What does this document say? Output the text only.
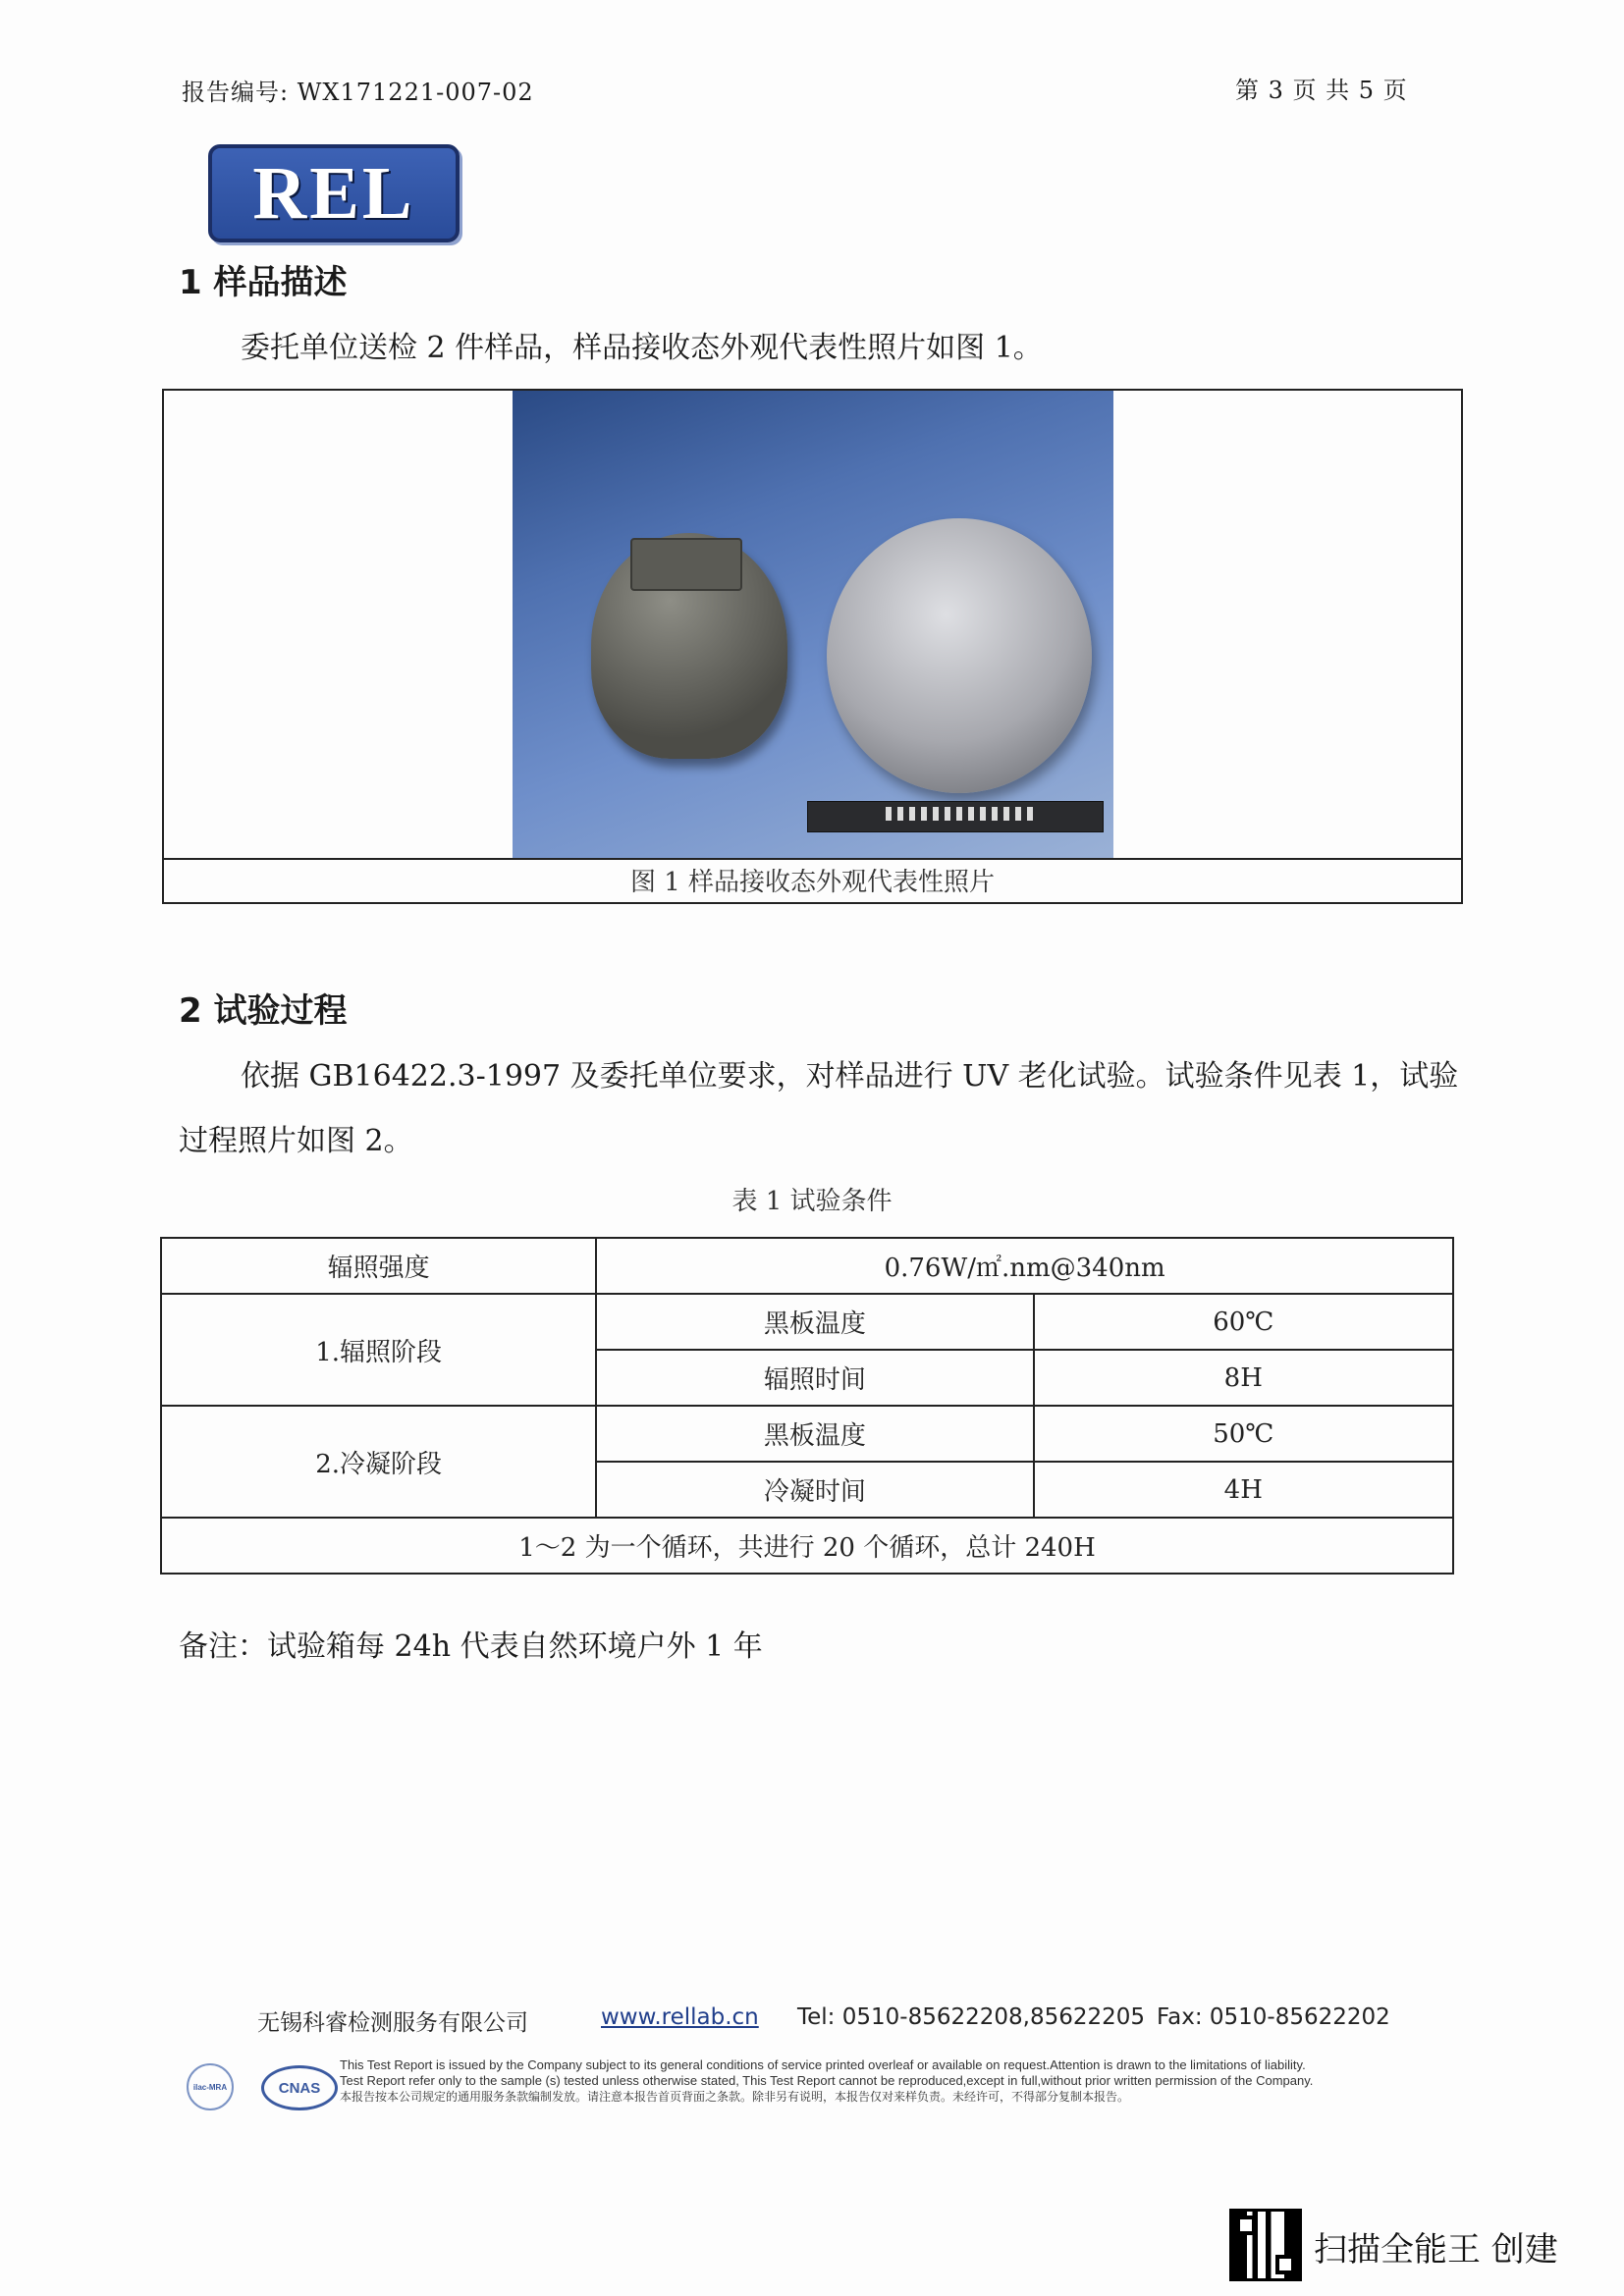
报告编号: WX171221-007-02	第 3 页 共 5 页
REL
1 样品描述
委托单位送检 2 件样品，样品接收态外观代表性照片如图 1。
图 1 样品接收态外观代表性照片
2 试验过程
依据 GB16422.3-1997 及委托单位要求，对样品进行 UV 老化试验。试验条件见表 1，试验
过程照片如图 2。
表 1 试验条件
辐照强度	0.76W/㎡.nm@340nm	
1.辐照阶段	黑板温度	60℃
	辐照时间	8H
2.冷凝阶段	黑板温度	50℃
	冷凝时间	4H
1～2 为一个循环，共进行 20 个循环，总计 240H		
备注：试验箱每 24h 代表自然环境户外 1 年
无锡科睿检测服务有限公司	www.rellab.cn Tel: 0510-85622208,85622205 Fax: 0510-85622202
ilac-MRA	CNAS
This Test Report is issued by the Company subject to its general conditions of service printed overleaf or available on request.Attention is drawn to the limitations of liability.
Test Report refer only to the sample (s) tested unless otherwise stated, This Test Report cannot be reproduced,except in full,without prior written permission of the Company.
本报告按本公司规定的通用服务条款编制发放。请注意本报告首页背面之条款。除非另有说明，本报告仅对来样负责。未经许可，不得部分复制本报告。
扫描全能王 创建
